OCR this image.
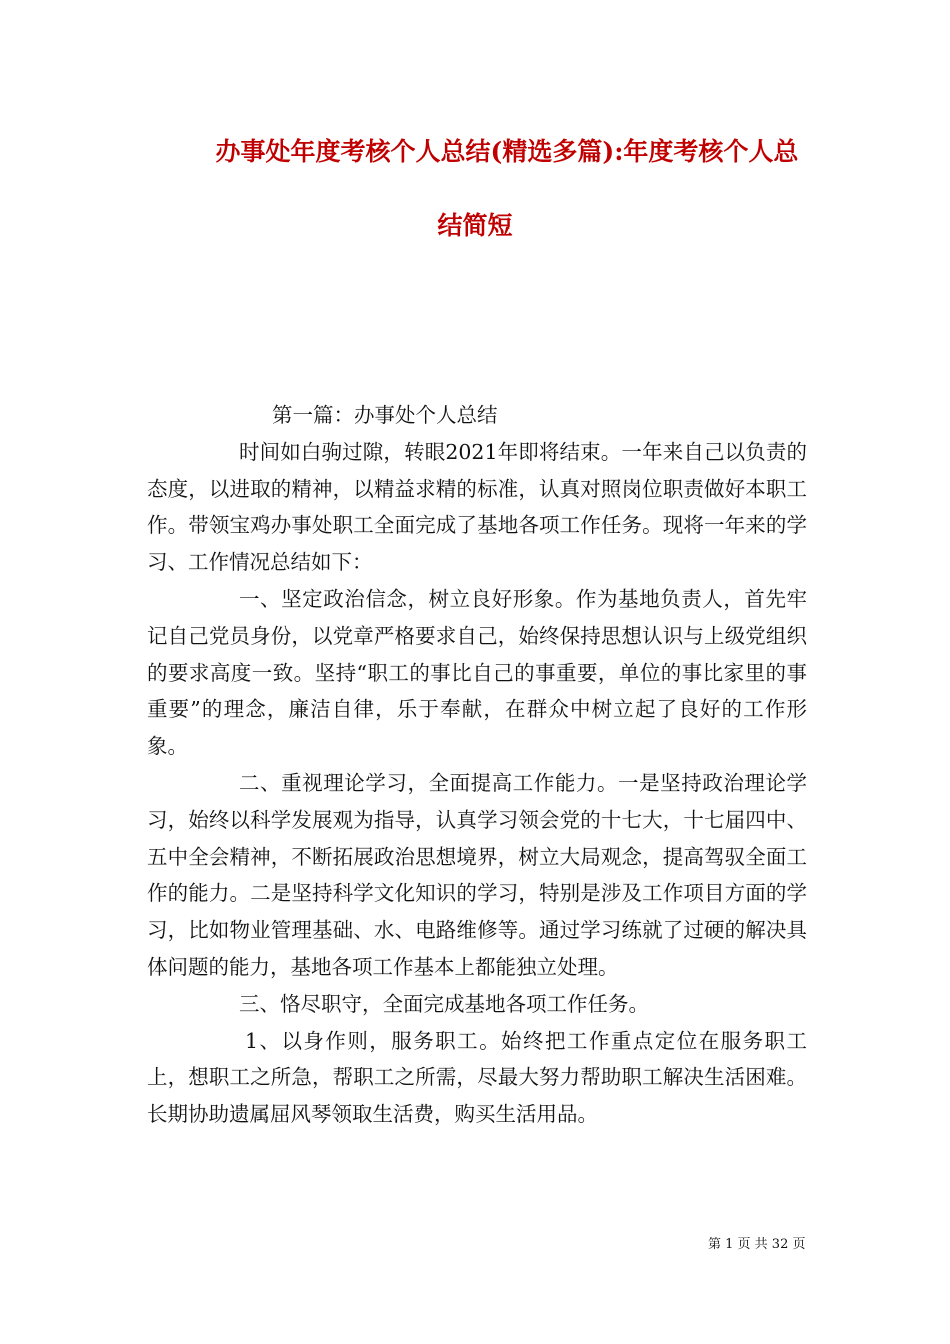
办事处年度考核个人总结(精选多篇):年度考核个人总
结简短

第一篇：办事处个人总结

时间如白驹过隙，转眼2021年即将结束。一年来自己以负责的态度，以进取的精神，以精益求精的标准，认真对照岗位职责做好本职工作。带领宝鸡办事处职工全面完成了基地各项工作任务。现将一年来的学习、工作情况总结如下：

一、坚定政治信念，树立良好形象。作为基地负责人，首先牢记自己党员身份，以党章严格要求自己，始终保持思想认识与上级党组织的要求高度一致。坚持“职工的事比自己的事重要，单位的事比家里的事重要”的理念，廉洁自律，乐于奉献，在群众中树立起了良好的工作形象。

二、重视理论学习，全面提高工作能力。一是坚持政治理论学习，始终以科学发展观为指导，认真学习领会党的十七大，十七届四中、五中全会精神，不断拓展政治思想境界，树立大局观念，提高驾驭全面工作的能力。二是坚持科学文化知识的学习，特别是涉及工作项目方面的学习，比如物业管理基础、水、电路维修等。通过学习练就了过硬的解决具体问题的能力，基地各项工作基本上都能独立处理。

三、恪尽职守，全面完成基地各项工作任务。

1、以身作则，服务职工。始终把工作重点定位在服务职工上，想职工之所急，帮职工之所需，尽最大努力帮助职工解决生活困难。长期协助遗属屈风琴领取生活费，购买生活用品。

第 1 页 共 32 页
